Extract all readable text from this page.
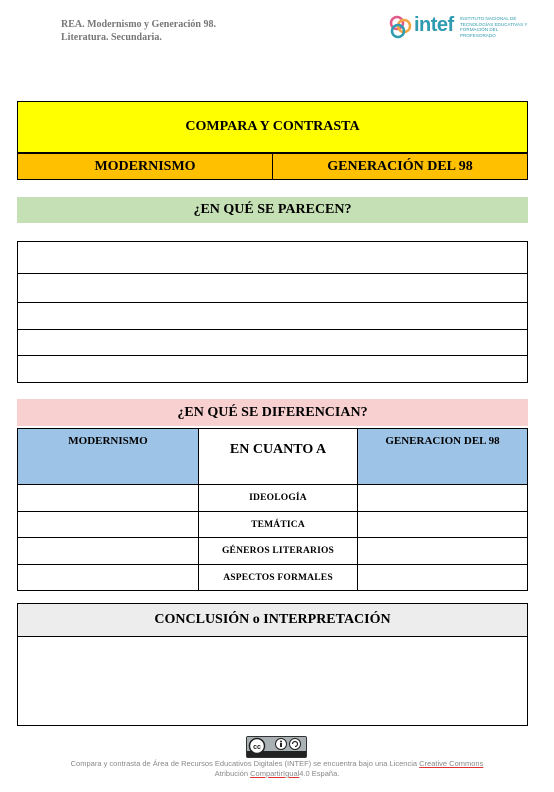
REA. Modernismo y Generación 98.
Literatura. Secundaria.
intef INSTITUTO NACIONAL DE TECNOLOGÍAS EDUCATIVAS Y FORMACIÓN DEL PROFESORADO
COMPARA Y CONTRASTA
MODERNISMO	GENERACIÓN DEL 98
¿EN QUÉ SE PARECEN?
¿EN QUÉ SE DIFERENCIAN?
MODERNISMO
EN CUANTO A
GENERACION DEL 98
IDEOLOGÍA
TEMÁTICA
GÉNEROS LITERARIOS
ASPECTOS FORMALES
CONCLUSIÓN o INTERPRETACIÓN
cc
Compara y contrasta de Área de Recursos Educativos Digitales (INTEF) se encuentra bajo una Licencia Creative Commons Atribución CompartirIgual4.0 España.
